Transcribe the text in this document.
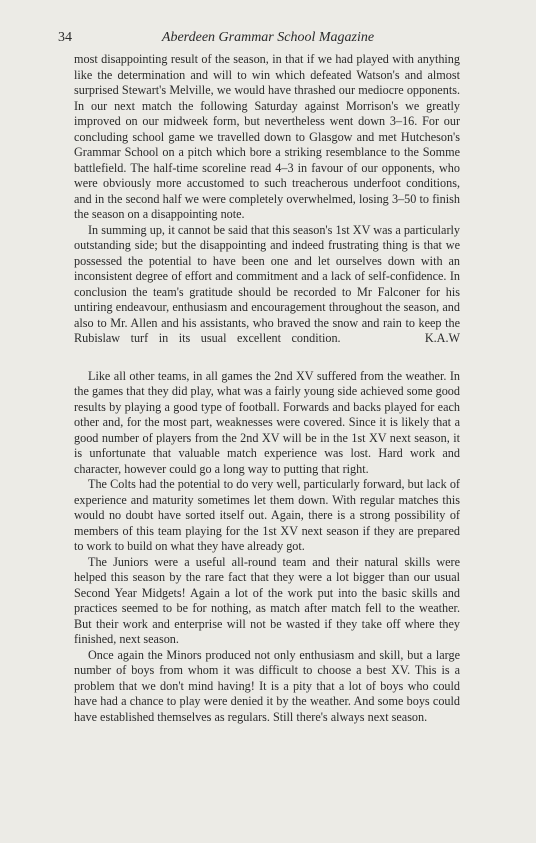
34	Aberdeen Grammar School Magazine

most disappointing result of the season, in that if we had played with anything like the determination and will to win which defeated Watson's and almost surprised Stewart's Melville, we would have thrashed our mediocre opponents. In our next match the following Saturday against Morrison's we greatly improved on our midweek form, but nevertheless went down 3–16. For our concluding school game we travelled down to Glasgow and met Hutcheson's Grammar School on a pitch which bore a striking resemblance to the Somme battlefield. The half-time scoreline read 4–3 in favour of our opponents, who were obviously more accustomed to such treacherous underfoot conditions, and in the second half we were completely overwhelmed, losing 3–50 to finish the season on a disappointing note.

In summing up, it cannot be said that this season's 1st XV was a particularly outstanding side; but the disappointing and indeed frustrating thing is that we possessed the potential to have been one and let ourselves down with an inconsistent degree of effort and commitment and a lack of self-confidence. In conclusion the team's gratitude should be recorded to Mr Falconer for his untiring endeavour, enthusiasm and encouragement throughout the season, and also to Mr. Allen and his assistants, who braved the snow and rain to keep the Rubislaw turf in its usual excellent condition.	K.A.W

Like all other teams, in all games the 2nd XV suffered from the weather. In the games that they did play, what was a fairly young side achieved some good results by playing a good type of football. Forwards and backs played for each other and, for the most part, weaknesses were covered. Since it is likely that a good number of players from the 2nd XV will be in the 1st XV next season, it is unfortunate that valuable match experience was lost. Hard work and character, however could go a long way to putting that right.

The Colts had the potential to do very well, particularly forward, but lack of experience and maturity sometimes let them down. With regular matches this would no doubt have sorted itself out. Again, there is a strong possibility of members of this team playing for the 1st XV next season if they are prepared to work to build on what they have already got.

The Juniors were a useful all-round team and their natural skills were helped this season by the rare fact that they were a lot bigger than our usual Second Year Midgets! Again a lot of the work put into the basic skills and practices seemed to be for nothing, as match after match fell to the weather. But their work and enterprise will not be wasted if they take off where they finished, next season.

Once again the Minors produced not only enthusiasm and skill, but a large number of boys from whom it was difficult to choose a best XV. This is a problem that we don't mind having! It is a pity that a lot of boys who could have had a chance to play were denied it by the weather. And some boys could have established themselves as regulars. Still there's always next season.
